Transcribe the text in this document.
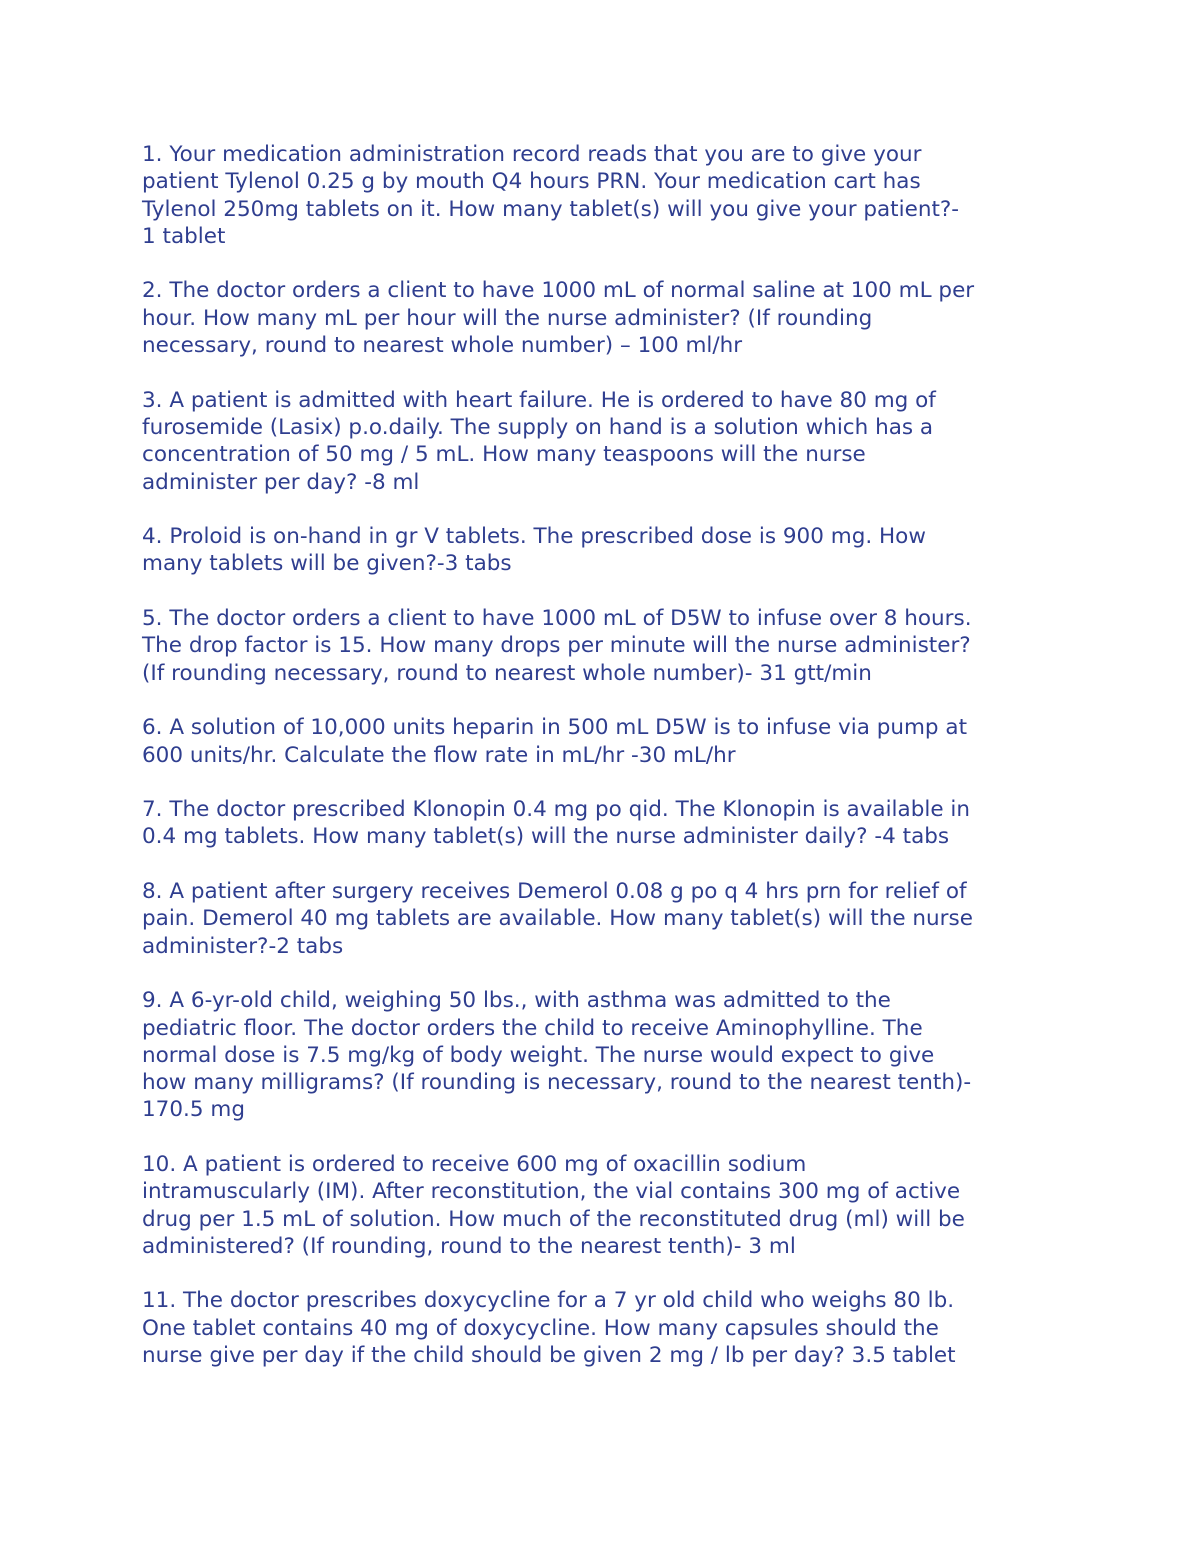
1. Your medication administration record reads that you are to give your
patient Tylenol 0.25 g by mouth Q4 hours PRN. Your medication cart has
Tylenol 250mg tablets on it. How many tablet(s) will you give your patient?-
1 tablet
2. The doctor orders a client to have 1000 mL of normal saline at 100 mL per
hour. How many mL per hour will the nurse administer? (If rounding
necessary, round to nearest whole number) – 100 ml/hr
3. A patient is admitted with heart failure. He is ordered to have 80 mg of
furosemide (Lasix) p.o.daily. The supply on hand is a solution which has a
concentration of 50 mg / 5 mL. How many teaspoons will the nurse
administer per day? -8 ml
4. Proloid is on-hand in gr V tablets. The prescribed dose is 900 mg. How
many tablets will be given?-3 tabs
5. The doctor orders a client to have 1000 mL of D5W to infuse over 8 hours.
The drop factor is 15. How many drops per minute will the nurse administer?
(If rounding necessary, round to nearest whole number)- 31 gtt/min
6. A solution of 10,000 units heparin in 500 mL D5W is to infuse via pump at
600 units/hr. Calculate the flow rate in mL/hr -30 mL/hr
7. The doctor prescribed Klonopin 0.4 mg po qid. The Klonopin is available in
0.4 mg tablets. How many tablet(s) will the nurse administer daily? -4 tabs
8. A patient after surgery receives Demerol 0.08 g po q 4 hrs prn for relief of
pain. Demerol 40 mg tablets are available. How many tablet(s) will the nurse
administer?-2 tabs
9. A 6-yr-old child, weighing 50 lbs., with asthma was admitted to the
pediatric floor. The doctor orders the child to receive Aminophylline. The
normal dose is 7.5 mg/kg of body weight. The nurse would expect to give
how many milligrams? (If rounding is necessary, round to the nearest tenth)-
170.5 mg
10. A patient is ordered to receive 600 mg of oxacillin sodium
intramuscularly (IM). After reconstitution, the vial contains 300 mg of active
drug per 1.5 mL of solution. How much of the reconstituted drug (ml) will be
administered? (If rounding, round to the nearest tenth)- 3 ml
11. The doctor prescribes doxycycline for a 7 yr old child who weighs 80 lb.
One tablet contains 40 mg of doxycycline. How many capsules should the
nurse give per day if the child should be given 2 mg / lb per day? 3.5 tablet
